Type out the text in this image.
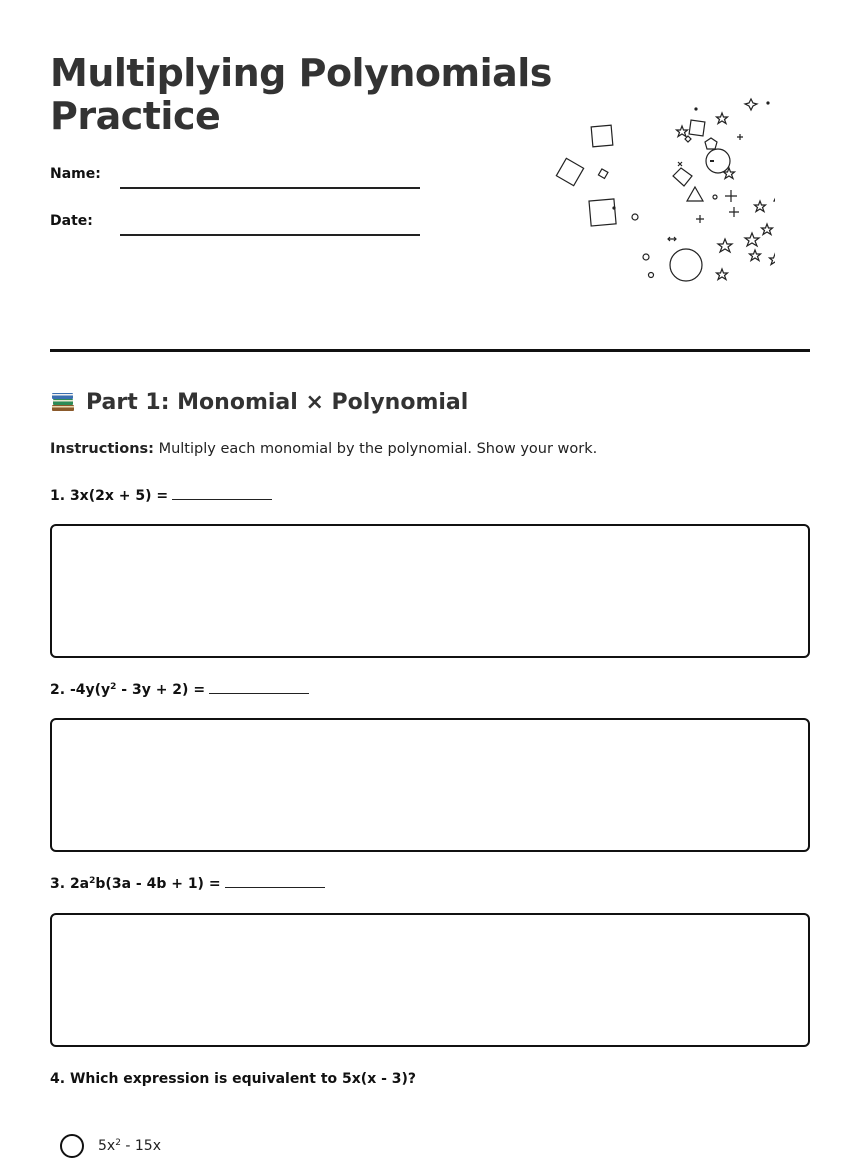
Multiplying Polynomials
Practice
Name:
Date:
Part 1: Monomial × Polynomial
Instructions: Multiply each monomial by the polynomial. Show your work.
1. 3x(2x + 5) =
2. $-4y(y^2 - 3y + 2)$ =
3. $2a^2b(3a - 4b + 1)$ =
4. Which expression is equivalent to 5x(x - 3)?
$5x^2 - 15x$
